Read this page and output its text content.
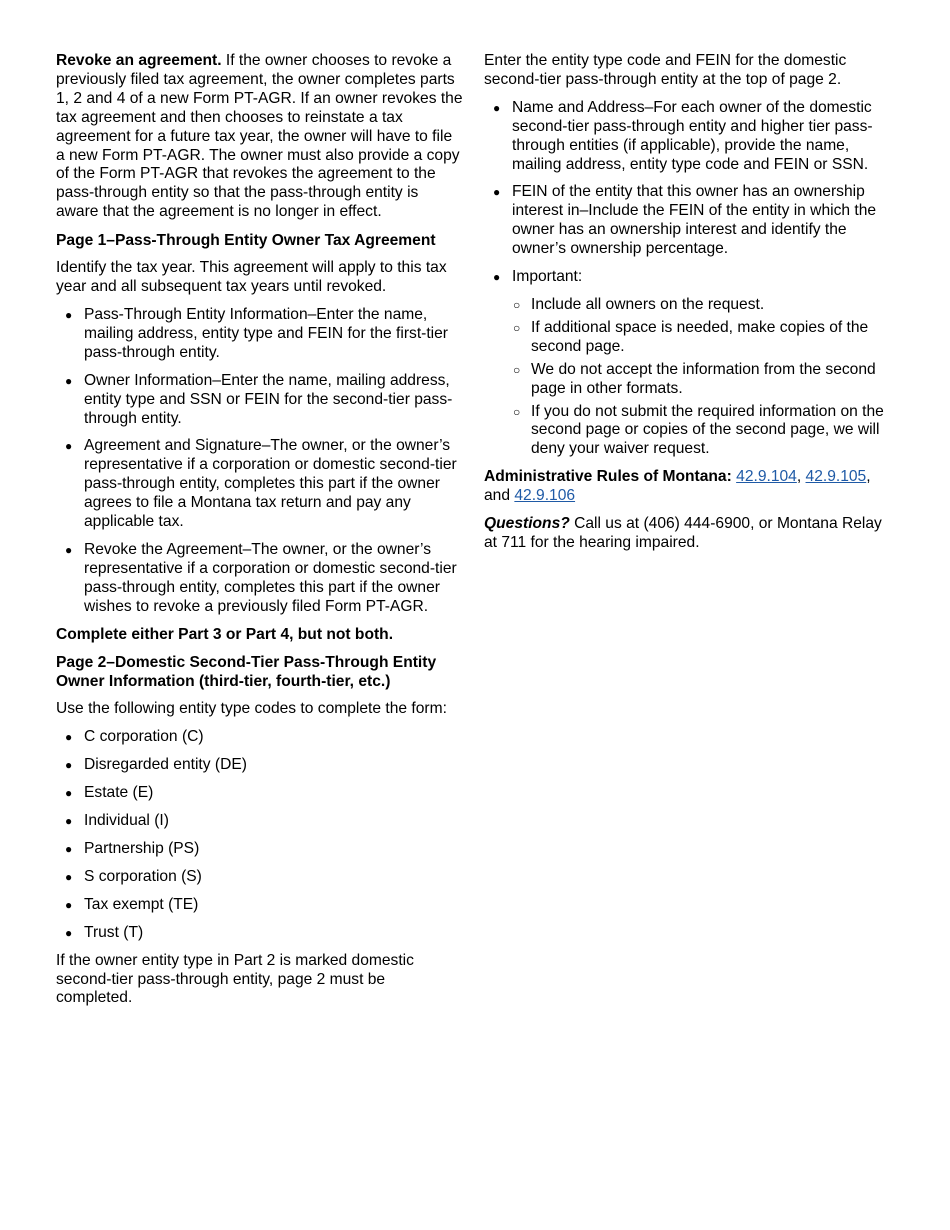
Revoke an agreement. If the owner chooses to revoke a previously filed tax agreement, the owner completes parts 1, 2 and 4 of a new Form PT-AGR. If an owner revokes the tax agreement and then chooses to reinstate a tax agreement for a future tax year, the owner will have to file a new Form PT-AGR. The owner must also provide a copy of the Form PT-AGR that revokes the agreement to the pass-through entity so that the pass-through entity is aware that the agreement is no longer in effect.

Page 1–Pass-Through Entity Owner Tax Agreement

Identify the tax year. This agreement will apply to this tax year and all subsequent tax years until revoked.

● Pass-Through Entity Information–Enter the name, mailing address, entity type and FEIN for the first-tier pass-through entity.
● Owner Information–Enter the name, mailing address, entity type and SSN or FEIN for the second-tier pass-through entity.
● Agreement and Signature–The owner, or the owner’s representative if a corporation or domestic second-tier pass-through entity, completes this part if the owner agrees to file a Montana tax return and pay any applicable tax.
● Revoke the Agreement–The owner, or the owner’s representative if a corporation or domestic second-tier pass-through entity, completes this part if the owner wishes to revoke a previously filed Form PT-AGR.

Complete either Part 3 or Part 4, but not both.

Page 2–Domestic Second-Tier Pass-Through Entity Owner Information (third-tier, fourth-tier, etc.)

Use the following entity type codes to complete the form:

● C corporation (C)
● Disregarded entity (DE)
● Estate (E)
● Individual (I)
● Partnership (PS)
● S corporation (S)
● Tax exempt (TE)
● Trust (T)

If the owner entity type in Part 2 is marked domestic second-tier pass-through entity, page 2 must be completed.

Enter the entity type code and FEIN for the domestic second-tier pass-through entity at the top of page 2.

● Name and Address–For each owner of the domestic second-tier pass-through entity and higher tier pass-through entities (if applicable), provide the name, mailing address, entity type code and FEIN or SSN.
● FEIN of the entity that this owner has an ownership interest in–Include the FEIN of the entity in which the owner has an ownership interest and identify the owner’s ownership percentage.
● Important:
○ Include all owners on the request.
○ If additional space is needed, make copies of the second page.
○ We do not accept the information from the second page in other formats.
○ If you do not submit the required information on the second page or copies of the second page, we will deny your waiver request.

Administrative Rules of Montana: 42.9.104, 42.9.105, and 42.9.106

Questions? Call us at (406) 444-6900, or Montana Relay at 711 for the hearing impaired.
